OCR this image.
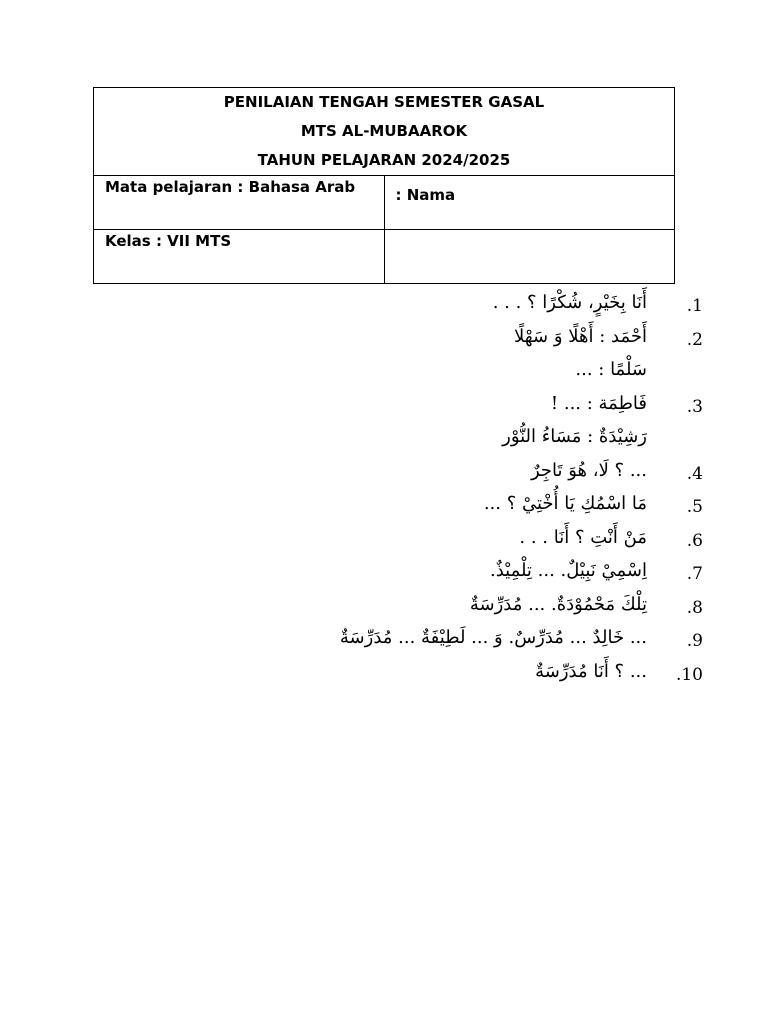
PENILAIAN TENGAH SEMESTER GASAL
MTS AL-MUBAAROK
TAHUN PELAJARAN 2024/2025	

Mata pelajaran : Bahasa Arab	: Nama
Kelas : VII MTS	
.1
أَنَا بِخَيْرٍ، شُكْرًا ؟ . . .
.2
أَحْمَد : أَهْلًا وَ سَهْلًا
سَلْمًا : ...
.3
فَاطِمَة : ... !
رَشِيْدَةٌ : مَسَاءُ النُّوْر
.4
... ؟ لَا، هُوَ تَاجِرٌ
.5
مَا اسْمُكِ يَا أُخْتِيْ ؟ ...
.6
مَنْ أَنْتِ ؟ أَنَا . . .
.7
اِسْمِيْ نَبِيْلٌ. ... تِلْمِيْذٌ.
.8
تِلْكَ مَحْمُوْدَةٌ. ... مُدَرِّسَةٌ
.9
... خَالِدٌ ... مُدَرِّسٌ. وَ ... لَطِيْفَةٌ ... مُدَرِّسَةٌ
.10
... ؟ أَنَا مُدَرِّسَةٌ
